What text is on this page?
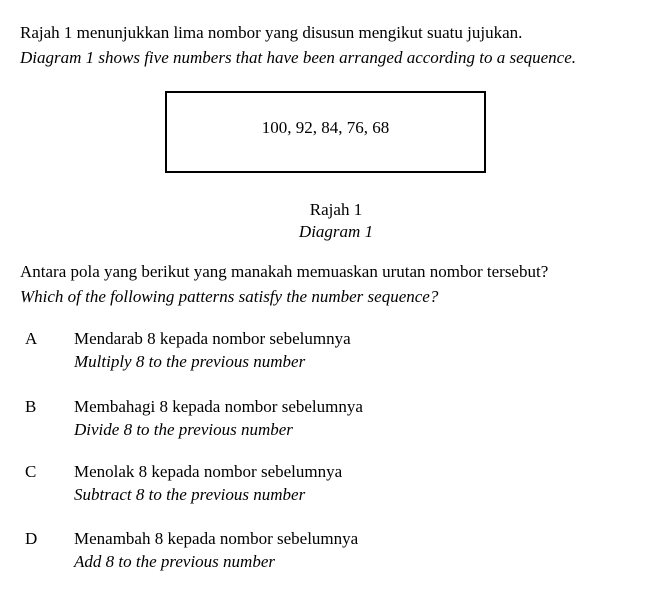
Rajah 1 menunjukkan lima nombor yang disusun mengikut suatu jujukan.
Diagram 1 shows five numbers that have been arranged according to a sequence.
100, 92, 84, 76, 68
Rajah 1
Diagram 1
Antara pola yang berikut yang manakah memuaskan urutan nombor tersebut?
Which of the following patterns satisfy the number sequence?
A Mendarab 8 kepada nombor sebelumnya
Multiply 8 to the previous number
B Membahagi 8 kepada nombor sebelumnya
Divide 8 to the previous number
C Menolak 8 kepada nombor sebelumnya
Subtract 8 to the previous number
D Menambah 8 kepada nombor sebelumnya
Add 8 to the previous number
